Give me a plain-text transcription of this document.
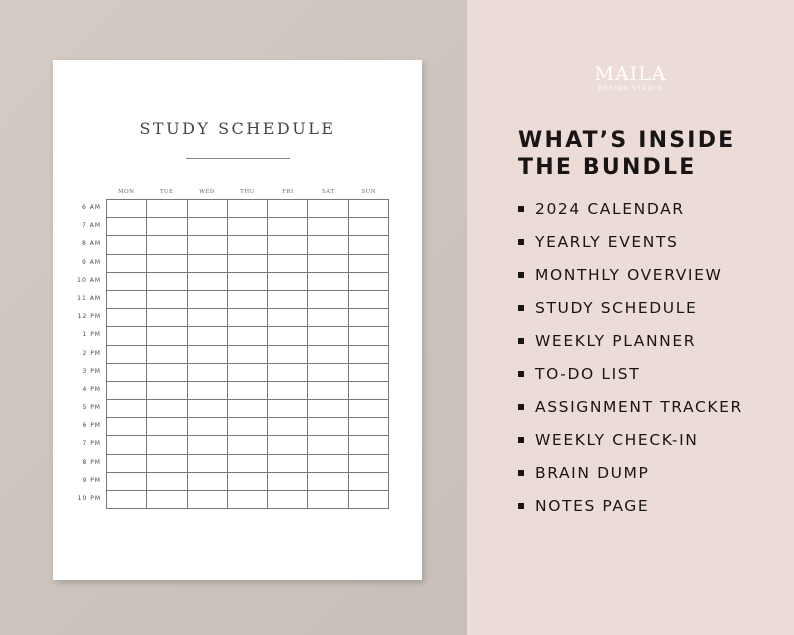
STUDY SCHEDULE
MON	TUE	WED	THU	FRI	SAT	SUN
6 AM
7 AM
8 AM
9 AM
10 AM
11 AM
12 PM
1 PM
2 PM
3 PM
4 PM
5 PM
6 PM
7 PM
8 PM
9 PM
10 PM
MAILA
DESIGN STUDIO
WHAT’S INSIDE
THE BUNDLE
2024 CALENDAR
YEARLY EVENTS
MONTHLY OVERVIEW
STUDY SCHEDULE
WEEKLY PLANNER
TO-DO LIST
ASSIGNMENT TRACKER
WEEKLY CHECK-IN
BRAIN DUMP
NOTES PAGE
